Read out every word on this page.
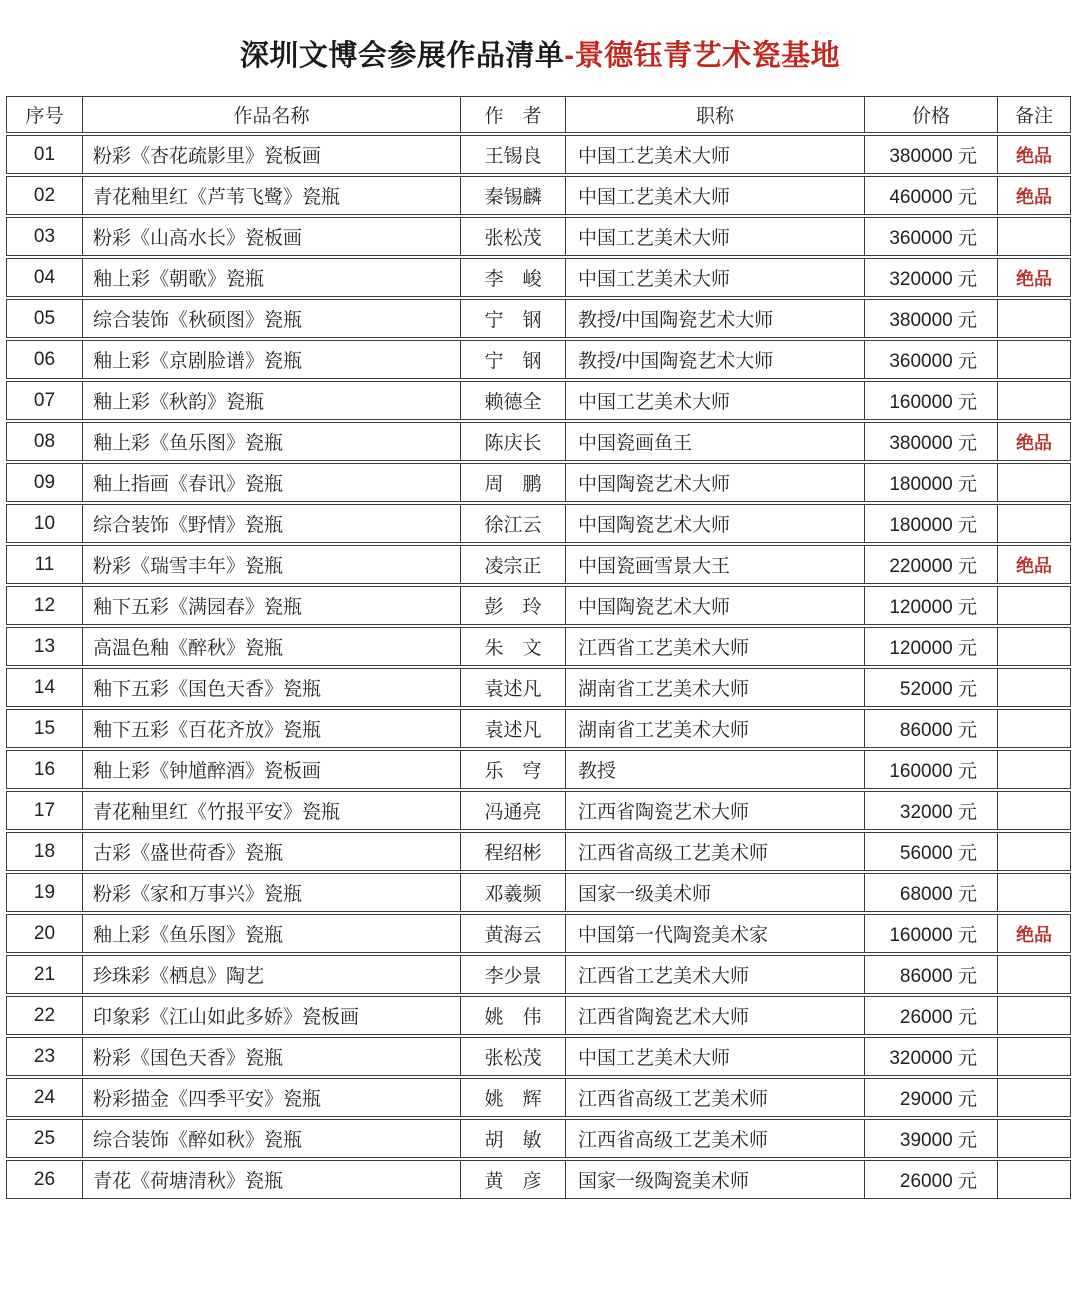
深圳文博会参展作品清单-景德钰青艺术瓷基地
序号	作品名称	作　者	职称	价格	备注
01	粉彩《杏花疏影里》瓷板画	王锡良	中国工艺美术大师	380000 元	绝品
02	青花釉里红《芦苇飞鹭》瓷瓶	秦锡麟	中国工艺美术大师	460000 元	绝品
03	粉彩《山高水长》瓷板画	张松茂	中国工艺美术大师	360000 元	
04	釉上彩《朝歌》瓷瓶	李　峻	中国工艺美术大师	320000 元	绝品
05	综合装饰《秋硕图》瓷瓶	宁　钢	教授/中国陶瓷艺术大师	380000 元	
06	釉上彩《京剧脸谱》瓷瓶	宁　钢	教授/中国陶瓷艺术大师	360000 元	
07	釉上彩《秋韵》瓷瓶	赖德全	中国工艺美术大师	160000 元	
08	釉上彩《鱼乐图》瓷瓶	陈庆长	中国瓷画鱼王	380000 元	绝品
09	釉上指画《春讯》瓷瓶	周　鹏	中国陶瓷艺术大师	180000 元	
10	综合装饰《野情》瓷瓶	徐江云	中国陶瓷艺术大师	180000 元	
11	粉彩《瑞雪丰年》瓷瓶	凌宗正	中国瓷画雪景大王	220000 元	绝品
12	釉下五彩《满园春》瓷瓶	彭　玲	中国陶瓷艺术大师	120000 元	
13	高温色釉《醉秋》瓷瓶	朱　文	江西省工艺美术大师	120000 元	
14	釉下五彩《国色天香》瓷瓶	袁述凡	湖南省工艺美术大师	52000 元	
15	釉下五彩《百花齐放》瓷瓶	袁述凡	湖南省工艺美术大师	86000 元	
16	釉上彩《钟馗醉酒》瓷板画	乐　穹	教授	160000 元	
17	青花釉里红《竹报平安》瓷瓶	冯通亮	江西省陶瓷艺术大师	32000 元	
18	古彩《盛世荷香》瓷瓶	程绍彬	江西省高级工艺美术师	56000 元	
19	粉彩《家和万事兴》瓷瓶	邓羲频	国家一级美术师	68000 元	
20	釉上彩《鱼乐图》瓷瓶	黄海云	中国第一代陶瓷美术家	160000 元	绝品
21	珍珠彩《栖息》陶艺	李少景	江西省工艺美术大师	86000 元	
22	印象彩《江山如此多娇》瓷板画	姚　伟	江西省陶瓷艺术大师	26000 元	
23	粉彩《国色天香》瓷瓶	张松茂	中国工艺美术大师	320000 元	
24	粉彩描金《四季平安》瓷瓶	姚　辉	江西省高级工艺美术师	29000 元	
25	综合装饰《醉如秋》瓷瓶	胡　敏	江西省高级工艺美术师	39000 元	
26	青花《荷塘清秋》瓷瓶	黄　彦	国家一级陶瓷美术师	26000 元	
